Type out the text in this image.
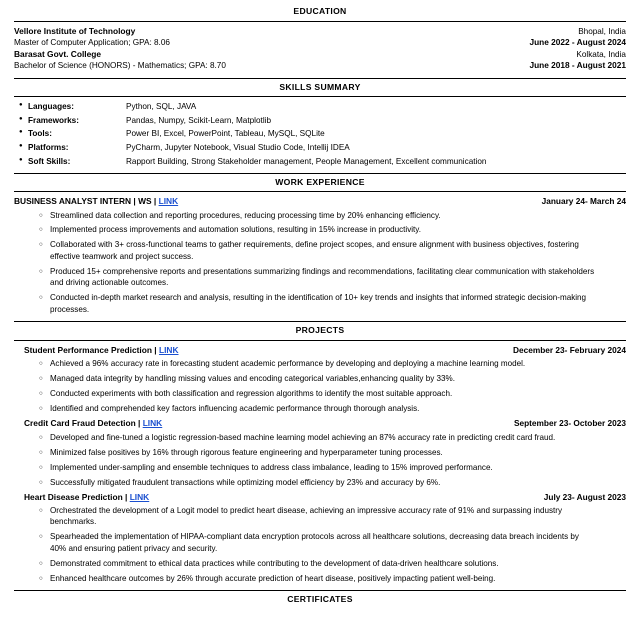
EDUCATION
Vellore Institute of Technology	Bhopal, India
Master of Computer Application; GPA: 8.06	June 2022 - August 2024
Barasat Govt. College	Kolkata, India
Bachelor of Science (HONORS) - Mathematics; GPA: 8.70	June 2018 - August 2021
SKILLS SUMMARY
● Languages:	Python, SQL, JAVA
● Frameworks:	Pandas, Numpy, Scikit-Learn, Matplotlib
● Tools:	Power BI, Excel, PowerPoint, Tableau, MySQL, SQLite
● Platforms:	PyCharm, Jupyter Notebook, Visual Studio Code, Intellij IDEA
● Soft Skills:	Rapport Building, Strong Stakeholder management, People Management, Excellent communication
WORK EXPERIENCE
BUSINESS ANALYST INTERN | WS | LINK	January 24- March 24
○ Streamlined data collection and reporting procedures, reducing processing time by 20% enhancing efficiency.
○ Implemented process improvements and automation solutions, resulting in 15% increase in productivity.
○ Collaborated with 3+ cross-functional teams to gather requirements, define project scopes, and ensure alignment with business objectives, fostering effective teamwork and project success.
○ Produced 15+ comprehensive reports and presentations summarizing findings and recommendations, facilitating clear communication with stakeholders and driving actionable outcomes.
○ Conducted in-depth market research and analysis, resulting in the identification of 10+ key trends and insights that informed strategic decision-making processes.
PROJECTS
Student Performance Prediction | LINK	December 23- February 2024
○ Achieved a 96% accuracy rate in forecasting student academic performance by developing and deploying a machine learning model.
○ Managed data integrity by handling missing values and encoding categorical variables,enhancing quality by 33%.
○ Conducted experiments with both classification and regression algorithms to identify the most suitable approach.
○ Identified and comprehended key factors influencing academic performance through thorough analysis.
Credit Card Fraud Detection | LINK	September 23- October 2023
○ Developed and fine-tuned a logistic regression-based machine learning model achieving an 87% accuracy rate in predicting credit card fraud.
○ Minimized false positives by 16% through rigorous feature engineering and hyperparameter tuning processes.
○ Implemented under-sampling and ensemble techniques to address class imbalance, leading to 15% improved performance.
○ Successfully mitigated fraudulent transactions while optimizing model efficiency by 23% and accuracy by 6%.
Heart Disease Prediction | LINK	July 23- August 2023
○ Orchestrated the development of a Logit model to predict heart disease, achieving an impressive accuracy rate of 91% and surpassing industry benchmarks.
○ Spearheaded the implementation of HIPAA-compliant data encryption protocols across all healthcare solutions, decreasing data breach incidents by 40% and ensuring patient privacy and security.
○ Demonstrated commitment to ethical data practices while contributing to the development of data-driven healthcare solutions.
○ Enhanced healthcare outcomes by 26% through accurate prediction of heart disease, positively impacting patient well-being.
CERTIFICATES
